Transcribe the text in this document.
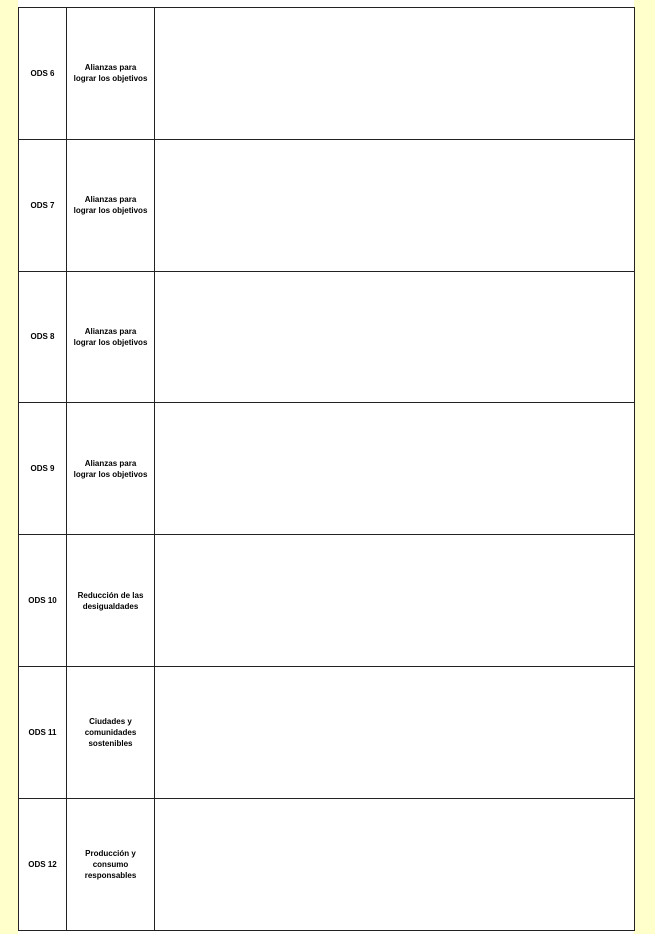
ODS 6	Alianzas para lograr los objetivos	
ODS 7	Alianzas para lograr los objetivos	
ODS 8	Alianzas para lograr los objetivos	
ODS 9	Alianzas para lograr los objetivos	
ODS 10	Reducción de las desigualdades	
ODS 11	Ciudades y comunidades sostenibles	
ODS 12	Producción y consumo responsables	
